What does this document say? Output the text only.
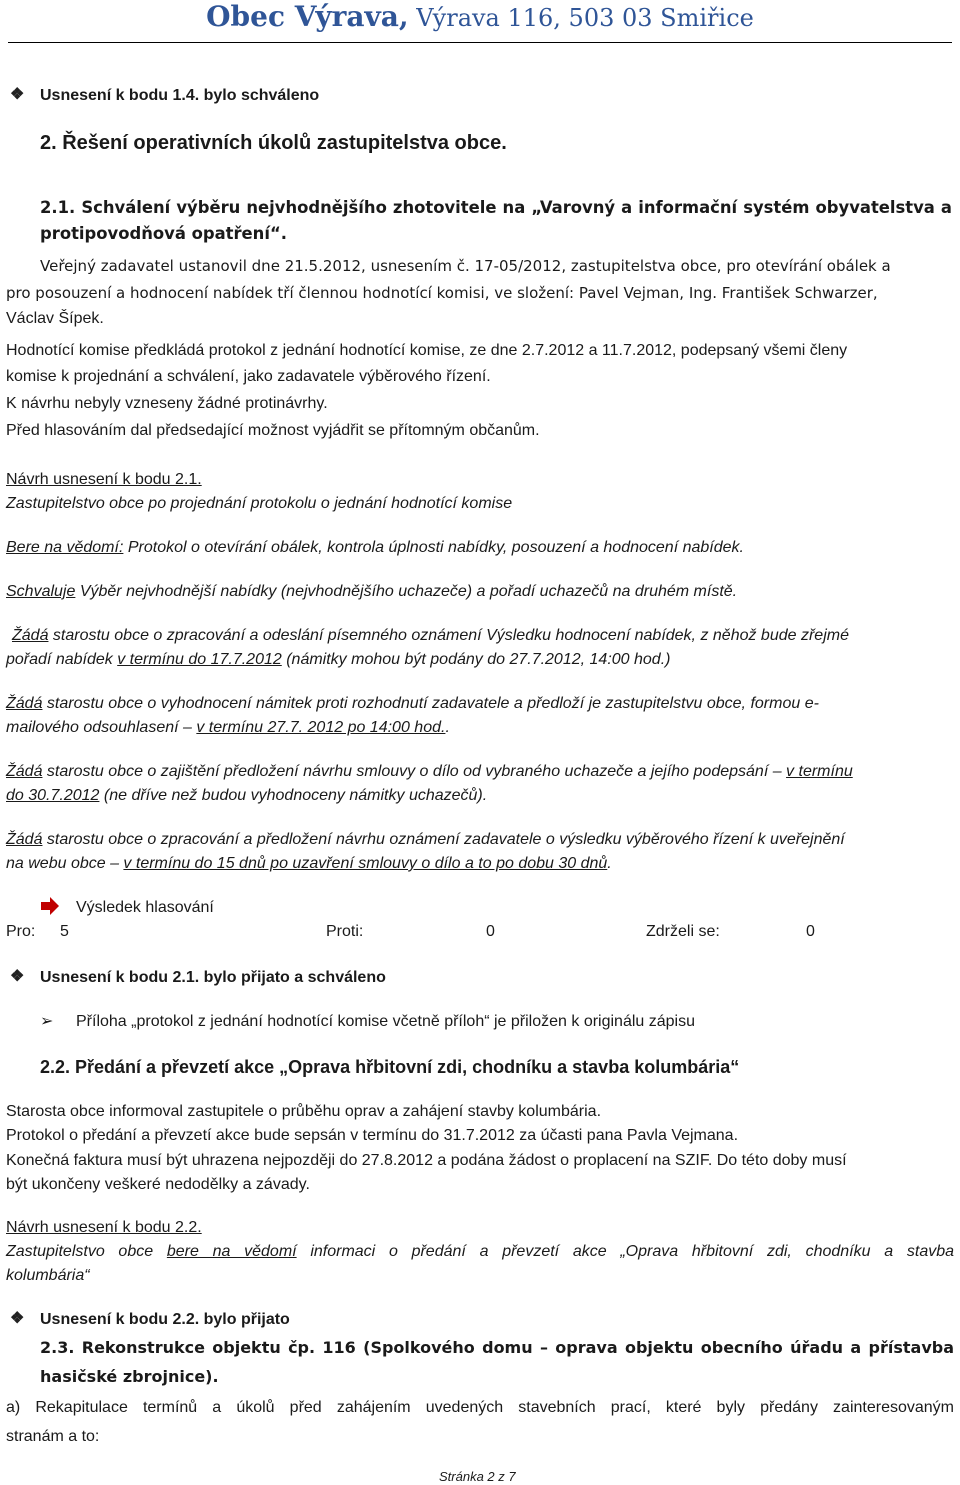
Obec Výrava, Výrava 116, 503 03 Smiřice
❖ Usnesení k bodu 1.4. bylo schváleno
2. Řešení operativních úkolů zastupitelstva obce.
2.1. Schválení výběru nejvhodnějšího zhotovitele na „Varovný a informační systém obyvatelstva a
protipovodňová opatření“.
Veřejný zadavatel ustanovil dne 21.5.2012, usnesením č. 17-05/2012, zastupitelstva obce, pro otevírání obálek a
pro posouzení a hodnocení nabídek tří člennou hodnotící komisi, ve složení: Pavel Vejman, Ing. František Schwarzer,
Václav Šípek.
Hodnotící komise předkládá protokol z jednání hodnotící komise, ze dne 2.7.2012 a 11.7.2012, podepsaný všemi členy
komise k projednání a schválení, jako zadavatele výběrového řízení.
K návrhu nebyly vzneseny žádné protinávrhy.
Před hlasováním dal předsedající možnost vyjádřit se přítomným občanům.
Návrh usnesení k bodu 2.1.
Zastupitelstvo obce po projednání protokolu o jednání hodnotící komise
Bere na vědomí: Protokol o otevírání obálek, kontrola úplnosti nabídky, posouzení a hodnocení nabídek.
Schvaluje Výběr nejvhodnější nabídky (nejvhodnějšího uchazeče) a pořadí uchazečů na druhém místě.
Žádá starostu obce o zpracování a odeslání písemného oznámení Výsledku hodnocení nabídek, z něhož bude zřejmé
pořadí nabídek v termínu do 17.7.2012 (námitky mohou být podány do 27.7.2012, 14:00 hod.)
Žádá starostu obce o vyhodnocení námitek proti rozhodnutí zadavatele a předloží je zastupitelstvu obce, formou e-
mailového odsouhlasení – v termínu 27.7. 2012 po 14:00 hod..
Žádá starostu obce o zajištění předložení návrhu smlouvy o dílo od vybraného uchazeče a jejího podepsání – v termínu
do 30.7.2012 (ne dříve než budou vyhodnoceny námitky uchazečů).
Žádá starostu obce o zpracování a předložení návrhu oznámení zadavatele o výsledku výběrového řízení k uveřejnění
na webu obce – v termínu do 15 dnů po uzavření smlouvy o dílo a to po dobu 30 dnů.
Výsledek hlasování
Pro: 5	Proti:	0	Zdrželi se:	0
❖ Usnesení k bodu 2.1. bylo přijato a schváleno
➢ Příloha „protokol z jednání hodnotící komise včetně příloh“ je přiložen k originálu zápisu
2.2. Předání a převzetí akce „Oprava hřbitovní zdi, chodníku a stavba kolumbária“
Starosta obce informoval zastupitele o průběhu oprav a zahájení stavby kolumbária.
Protokol o předání a převzetí akce bude sepsán v termínu do 31.7.2012 za účasti pana Pavla Vejmana.
Konečná faktura musí být uhrazena nejpozději do 27.8.2012 a podána žádost o proplacení na SZIF. Do této doby musí
být ukončeny veškeré nedodělky a závady.
Návrh usnesení k bodu 2.2.
Zastupitelstvo obce bere na vědomí informaci o předání a převzetí akce „Oprava hřbitovní zdi, chodníku a stavba
kolumbária“
❖ Usnesení k bodu 2.2. bylo přijato
2.3. Rekonstrukce objektu čp. 116 (Spolkového domu – oprava objektu obecního úřadu a přístavba
hasičské zbrojnice).
a) Rekapitulace termínů a úkolů před zahájením uvedených stavebních prací, které byly předány zainteresovaným
stranám a to:
Stránka 2 z 7
